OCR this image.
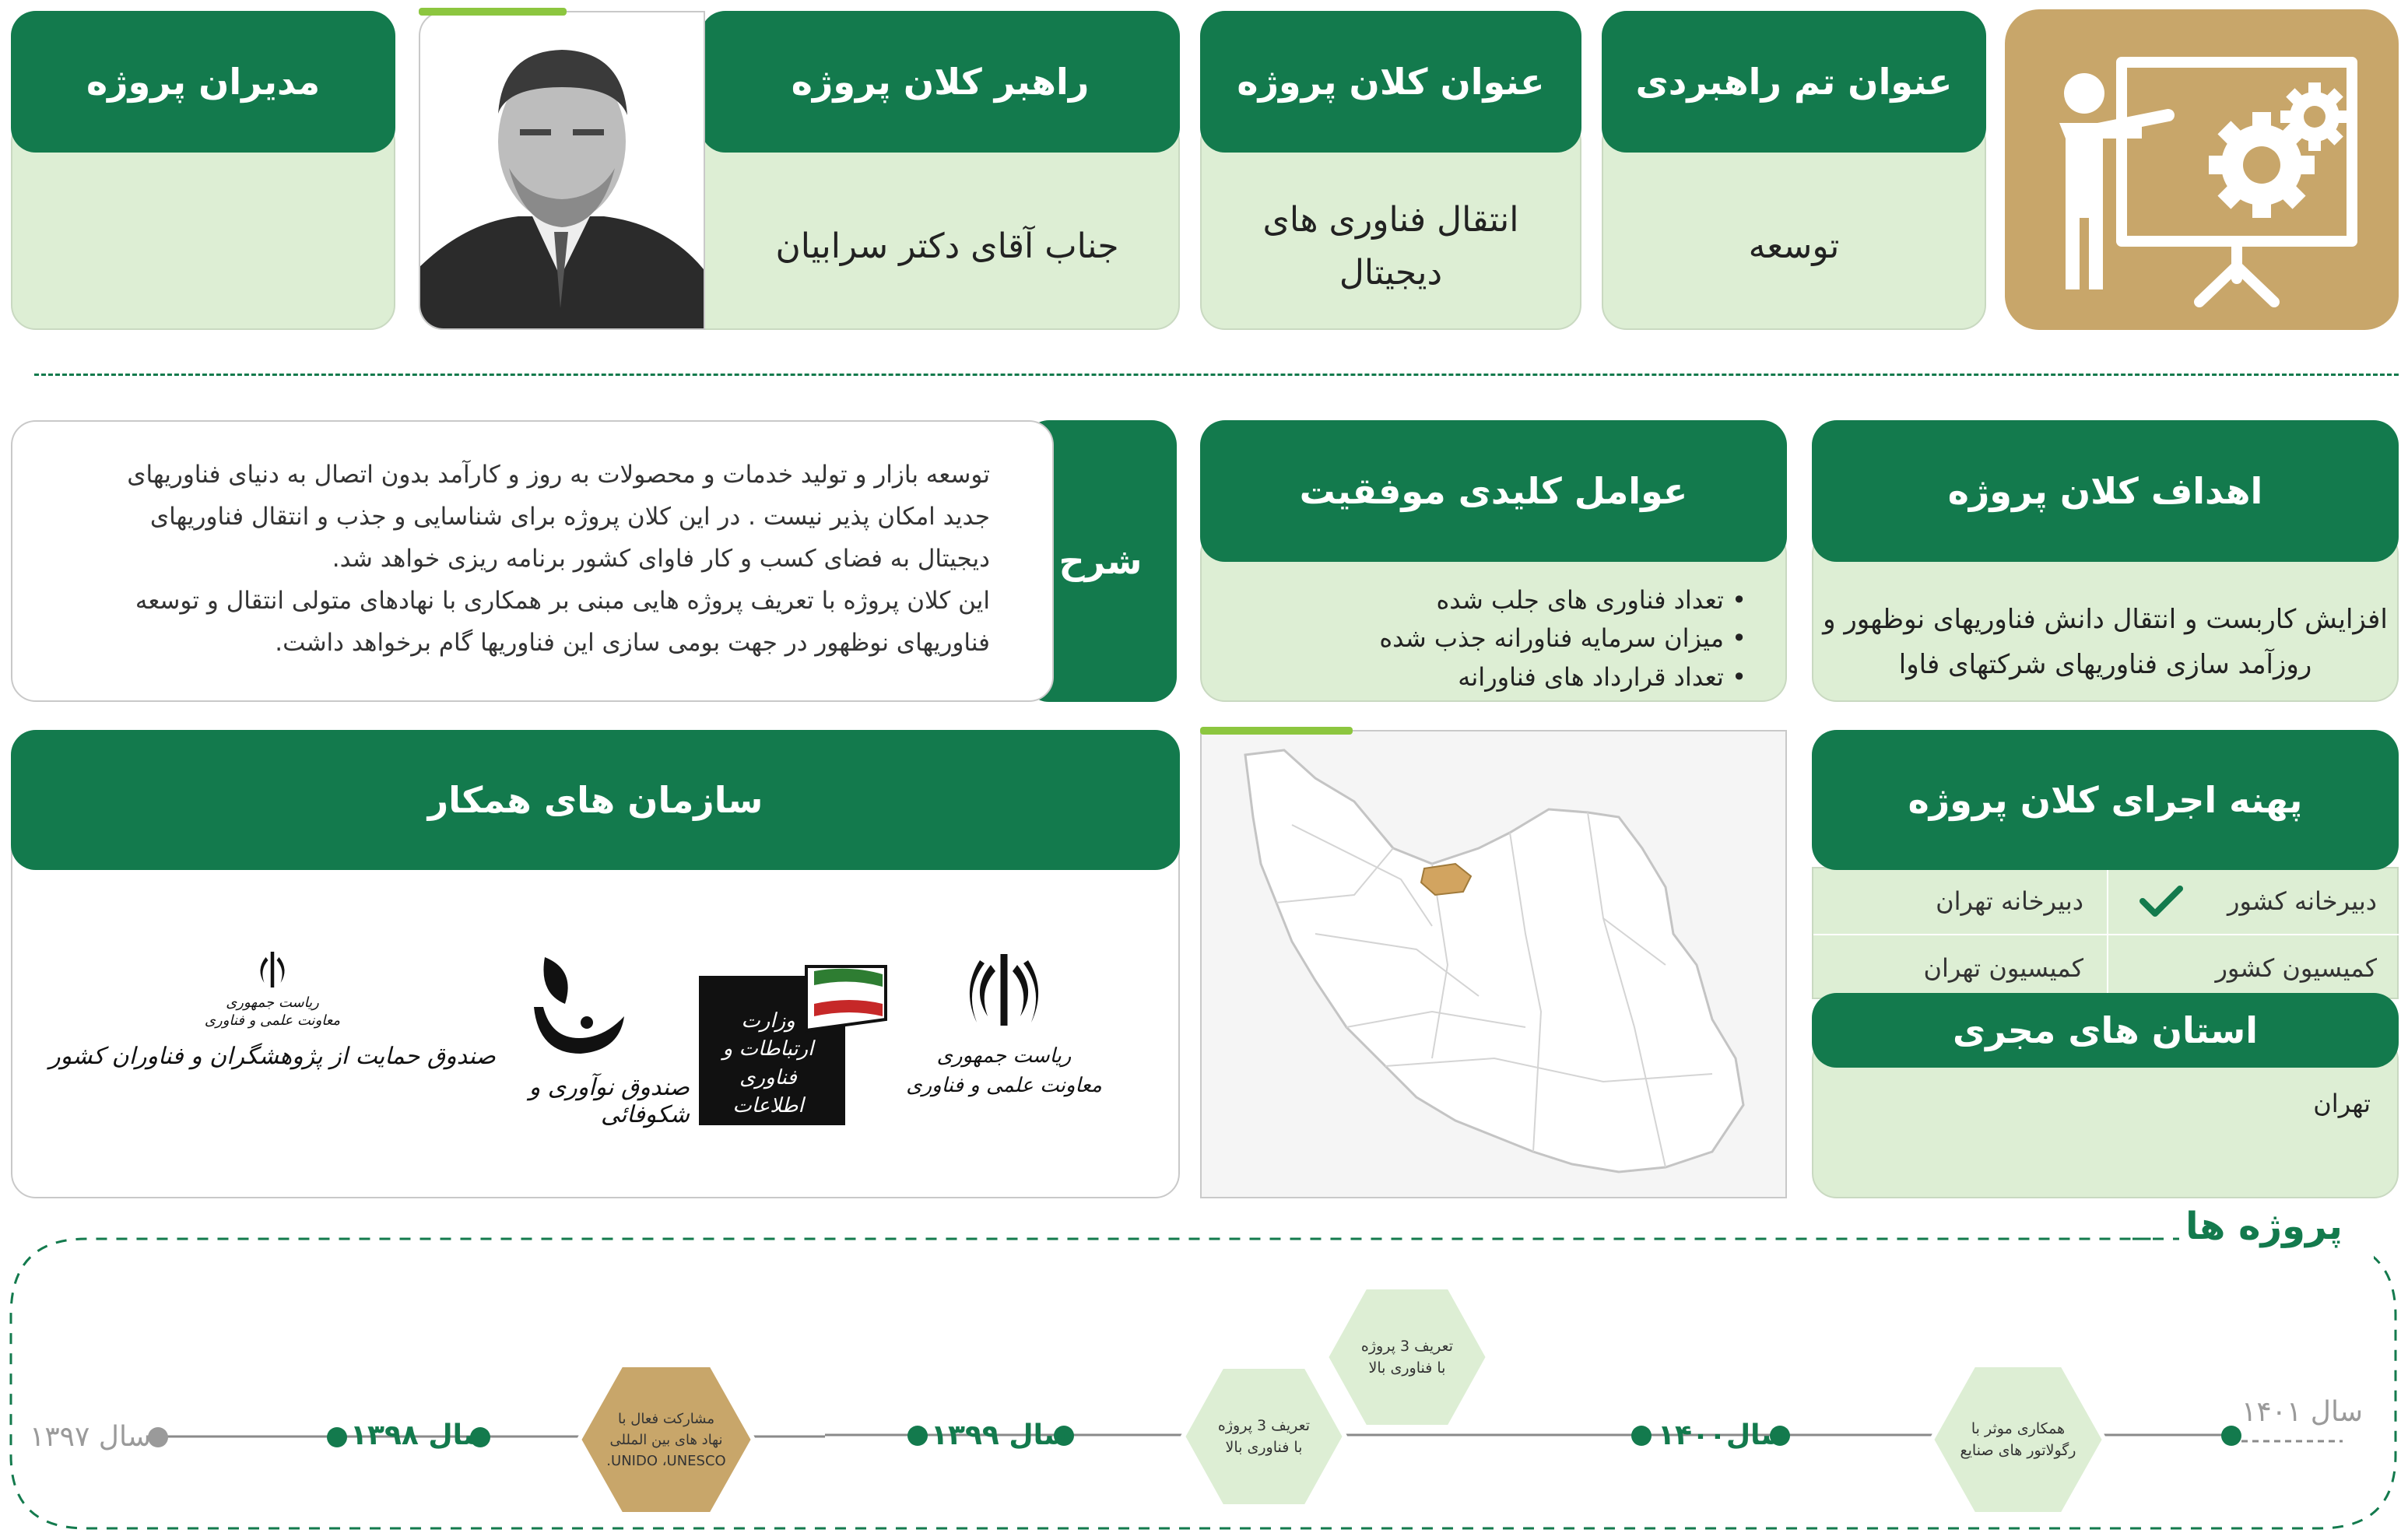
توسعه
عنوان تم راهبردی
انتقال فناوری های
دیجیتال
عنوان کلان پروژه
جناب آقای دکتر سرابیان
راهبر کلان پروژه
مدیران پروژه
افزایش کاربست و انتقال دانش فناوریهای نوظهور و
روزآمد سازی فناوریهای شرکتهای فاوا
اهداف کلان پروژه
• تعداد فناوری های جلب شده
• میزان سرمایه فناورانه جذب شده
• تعداد قرارداد های فناورانه
عوامل کلیدی موفقیت
شرح
توسعه بازار و تولید خدمات و محصولات به روز و کارآمد بدون اتصال به دنیای فناوریهای
جدید امکان پذیر نیست . در این کلان پروژه برای شناسایی و جذب و انتقال فناوریهای
دیجیتال به فضای کسب و کار فاوای کشور برنامه ریزی خواهد شد.
این کلان پروژه با تعریف پروژه هایی مبنی بر همکاری با نهادهای متولی انتقال و توسعه
فناوریهای نوظهور در جهت بومی سازی این فناوریها گام برخواهد داشت.
دبیرخانه کشور
دبیرخانه تهران
کمیسیون کشور
کمیسیون تهران
پهنه اجرای کلان پروژه
تهران
استان های مجری
سازمان های همکار
ریاست جمهوری
معاونت علمی و فناوری
وزارت ارتباطات و فناوری اطلاعات
صندوق نوآوری و شکوفائی
ریاست جمهوری
معاونت علمی و فناوری
صندوق حمایت از پژوهشگران و فناوران کشور
پروژه ها
همکاری موثر با
رگولاتور های صنایع
تعریف 3 پروژه
با فناوری بالا
تعریف 3 پروژه
با فناوری بالا
مشارکت فعال با
نهاد های بین المللی
UNIDO ،UNESCO.
سال ۱۴۰۱
سال۱۴۰۰
سال ۱۳۹۹
سال ۱۳۹۸
سال ۱۳۹۷
